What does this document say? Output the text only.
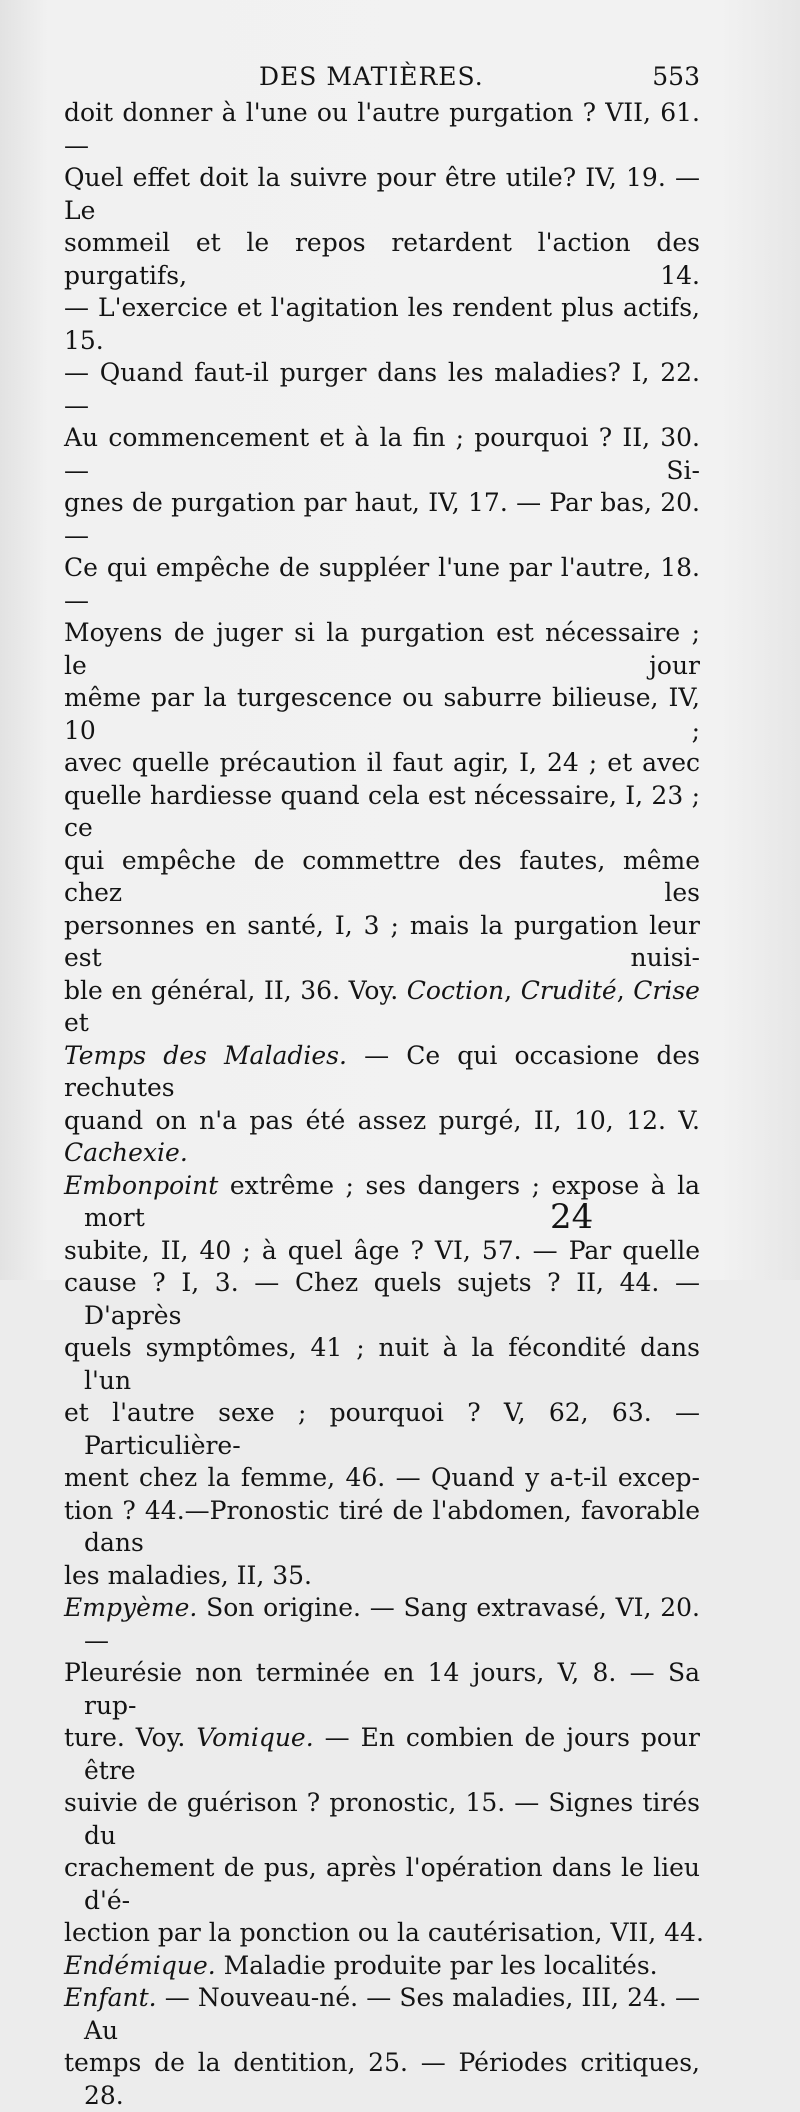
DES MATIÈRES.	553
doit donner à l'une ou l'autre purgation ? VII, 61. —
Quel effet doit la suivre pour être utile? IV, 19. — Le
sommeil et le repos retardent l'action des purgatifs, 14.
— L'exercice et l'agitation les rendent plus actifs, 15.
— Quand faut-il purger dans les maladies? I, 22. —
Au commencement et à la fin ; pourquoi ? II, 30. — Si-
gnes de purgation par haut, IV, 17. — Par bas, 20. —
Ce qui empêche de suppléer l'une par l'autre, 18. —
Moyens de juger si la purgation est nécessaire ; le jour
même par la turgescence ou saburre bilieuse, IV, 10 ;
avec quelle précaution il faut agir, I, 24 ; et avec
quelle hardiesse quand cela est nécessaire, I, 23 ; ce
qui empêche de commettre des fautes, même chez les
personnes en santé, I, 3 ; mais la purgation leur est nuisi-
ble en général, II, 36. Voy. Coction, Crudité, Crise et
Temps des Maladies. — Ce qui occasione des rechutes
quand on n'a pas été assez purgé, II, 10, 12. V. Cachexie.
Embonpoint extrême ; ses dangers ; expose à la mort
subite, II, 40 ; à quel âge ? VI, 57. — Par quelle
cause ? I, 3. — Chez quels sujets ? II, 44. — D'après
quels symptômes, 41 ; nuit à la fécondité dans l'un
et l'autre sexe ; pourquoi ? V, 62, 63. — Particulière-
ment chez la femme, 46. — Quand y a-t-il excep-
tion ? 44.—Pronostic tiré de l'abdomen, favorable dans
les maladies, II, 35.
Empyème. Son origine. — Sang extravasé, VI, 20. —
Pleurésie non terminée en 14 jours, V, 8. — Sa rup-
ture. Voy. Vomique. — En combien de jours pour être
suivie de guérison ? pronostic, 15. — Signes tirés du
crachement de pus, après l'opération dans le lieu d'é-
lection par la ponction ou la cautérisation, VII, 44.
Endémique. Maladie produite par les localités.
Enfant. — Nouveau-né. — Ses maladies, III, 24. — Au
temps de la dentition, 25. — Périodes critiques, 28.
24
